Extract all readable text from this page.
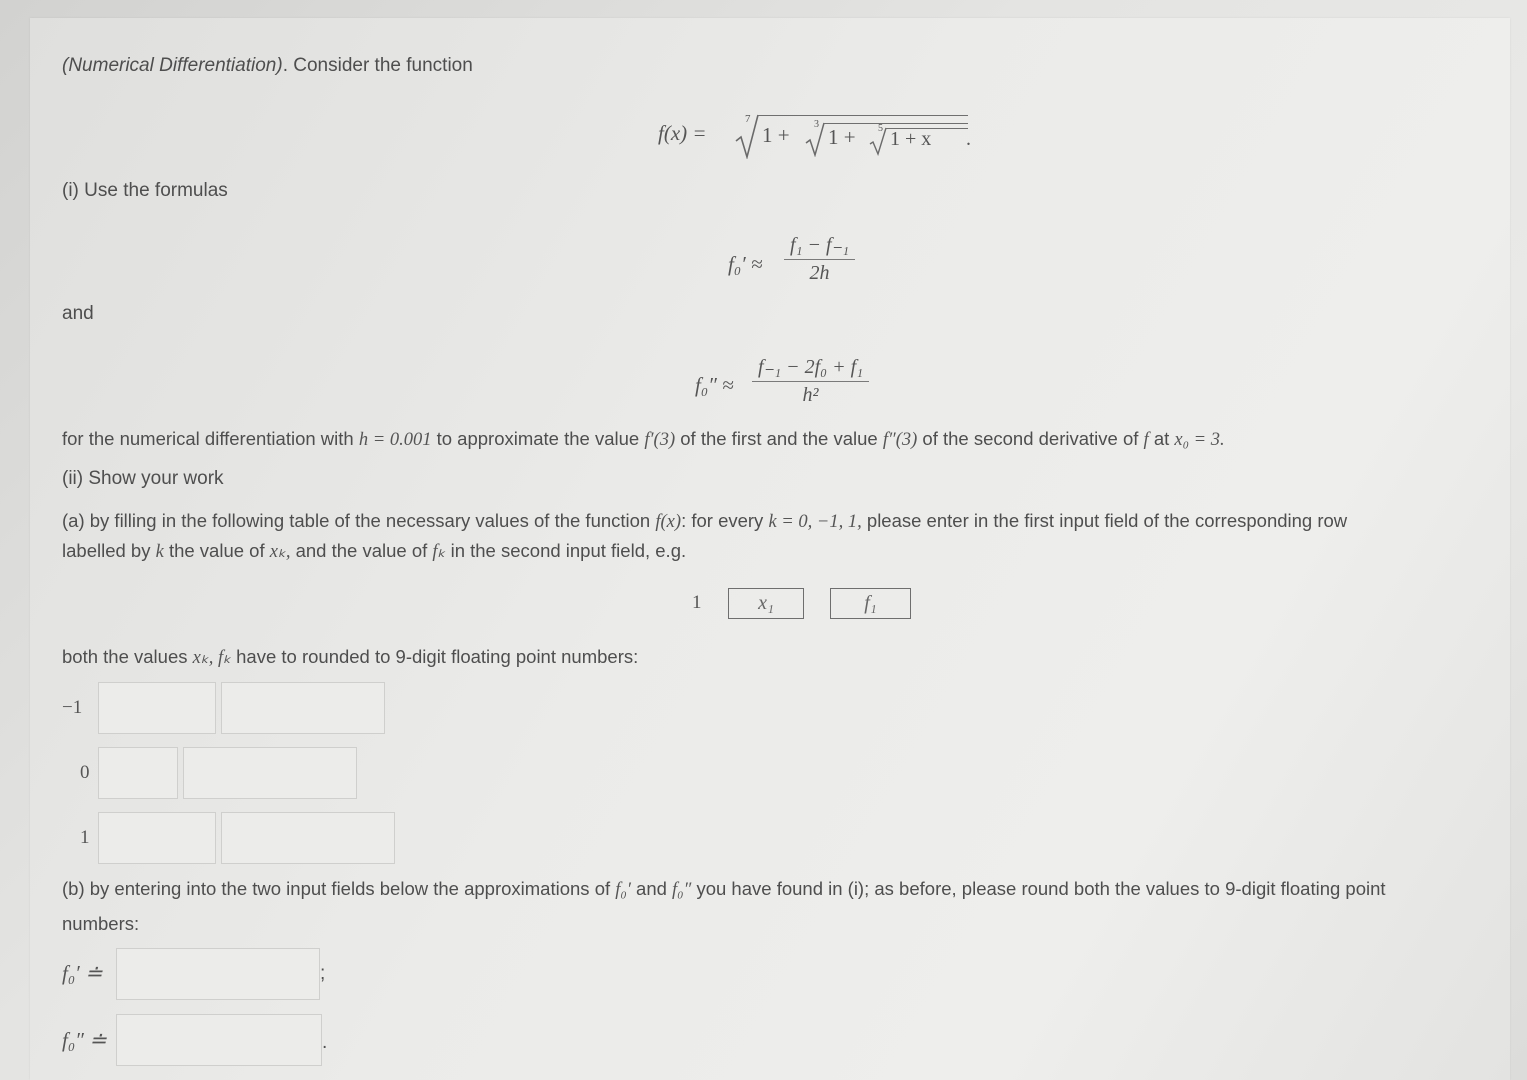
(Numerical Differentiation). Consider the function
f(x) =
7
1 + 3
1 + 5 1 + x .
(i) Use the formulas
$f_0' \approx \frac{\text{f₁ − f₋₁}}{2h}$
and
$f_0'' \approx \frac{\text{f₋₁ − 2f₀ + f₁}}{\text{h²}}$
for the numerical differentiation with h = 0.001 to approximate the value f′(3) of the first and the value f″(3) of the second derivative of f at x₀ = 3.
(ii) Show your work
(a) by filling in the following table of the necessary values of the function f(x): for every k = 0, −1, 1, please enter in the first input field of the corresponding row
labelled by k the value of xₖ, and the value of fₖ in the second input field, e.g.
1	x₁	f₁
both the values xₖ, fₖ have to rounded to 9-digit floating point numbers:
−1
0
1
(b) by entering into the two input fields below the approximations of f₀′ and f₀″ you have found in (i); as before, please round both the values to 9-digit floating point
numbers:
f₀′ ≐	;
f₀″ ≐	.
